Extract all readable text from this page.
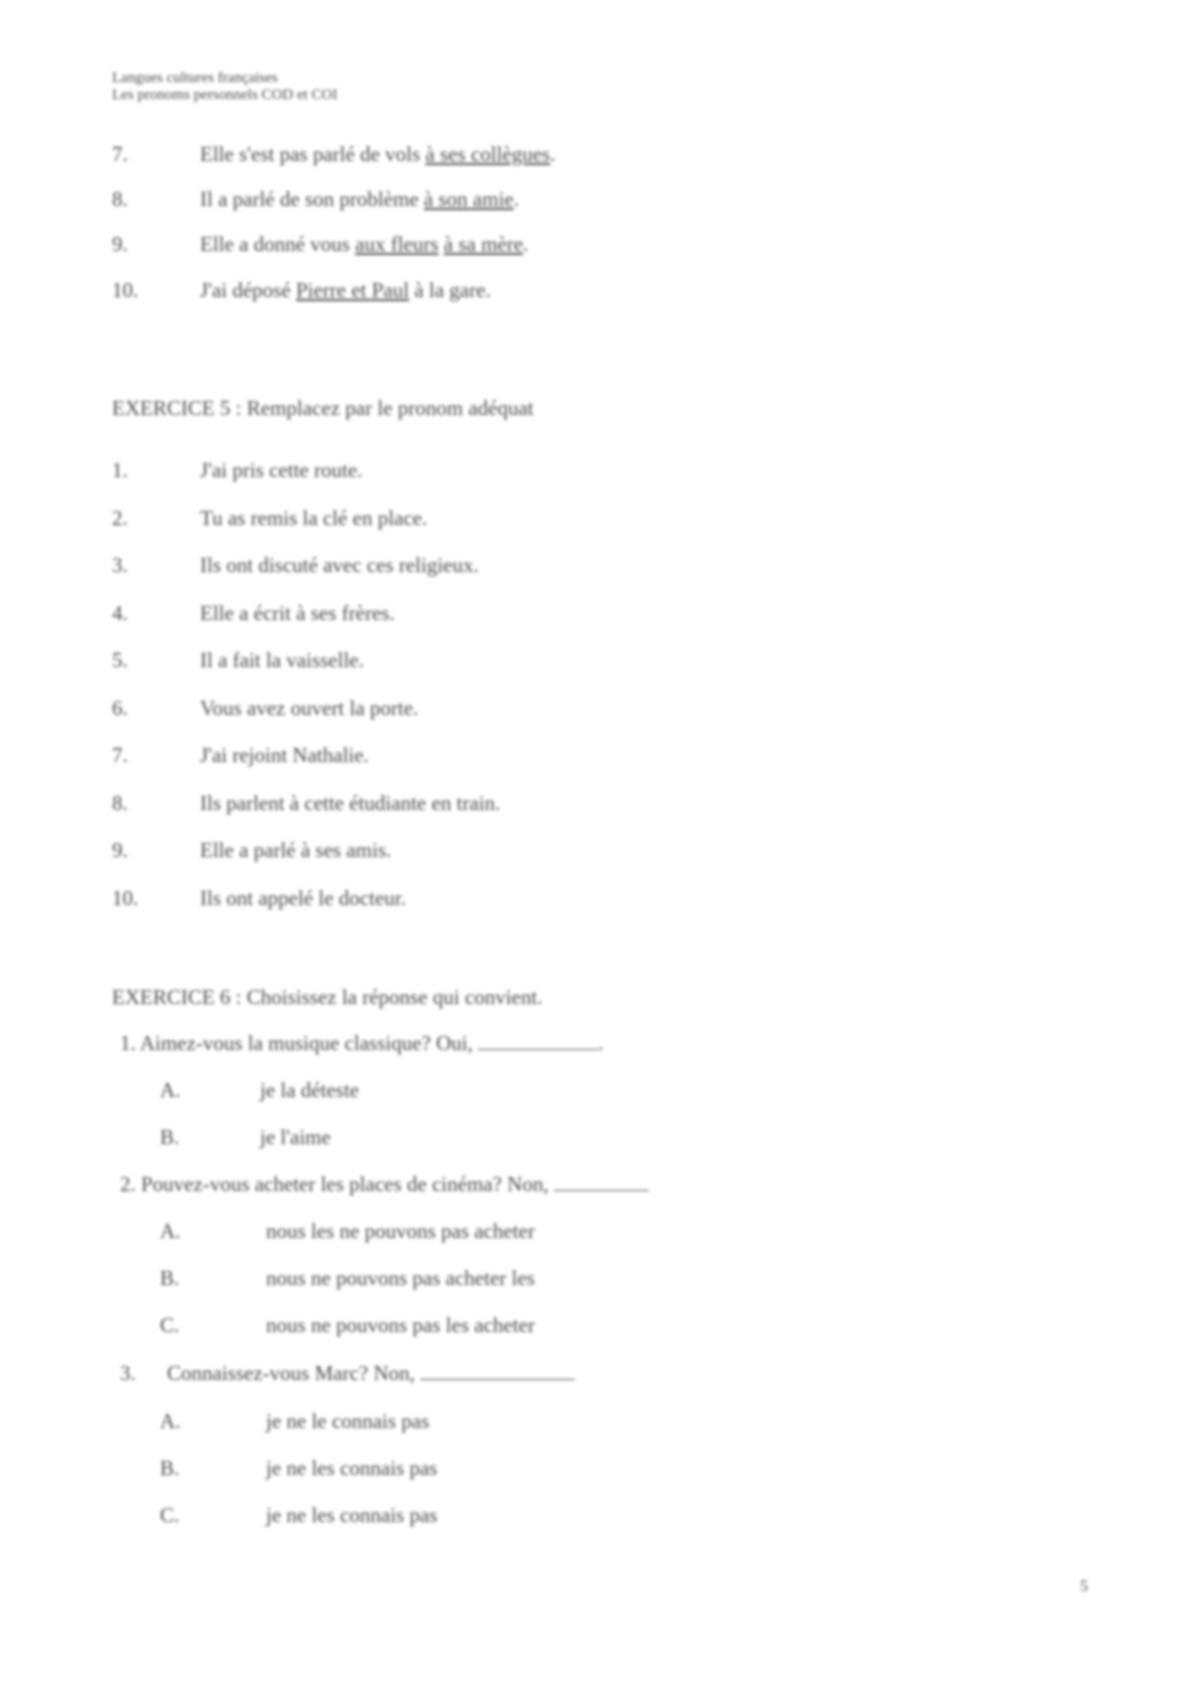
Langues cultures françaises
Les pronoms personnels COD et COI
7.	Elle s'est pas parlé de vols à ses collègues.
8.	Il a parlé de son problème à son amie.
9.	Elle a donné vous aux fleurs à sa mère.
10.	J'ai déposé Pierre et Paul à la gare.
EXERCICE 5 : Remplacez par le pronom adéquat
1.	J'ai pris cette route.
2.	Tu as remis la clé en place.
3.	Ils ont discuté avec ces religieux.
4.	Elle a écrit à ses frères.
5.	Il a fait la vaisselle.
6.	Vous avez ouvert la porte.
7.	J'ai rejoint Nathalie.
8.	Ils parlent à cette étudiante en train.
9.	Elle a parlé à ses amis.
10.	Ils ont appelé le docteur.
EXERCICE 6 : Choisissez la réponse qui convient.
1. Aimez-vous la musique classique? Oui,	.
A.	je la déteste
B.	je l'aime
2. Pouvez-vous acheter les places de cinéma? Non,
A.	nous les ne pouvons pas acheter
B.	nous ne pouvons pas acheter les
C.	nous ne pouvons pas les acheter
3. Connaissez-vous Marc? Non,
A.	je ne le connais pas
B.	je ne les connais pas
C.	je ne les connais pas
5
